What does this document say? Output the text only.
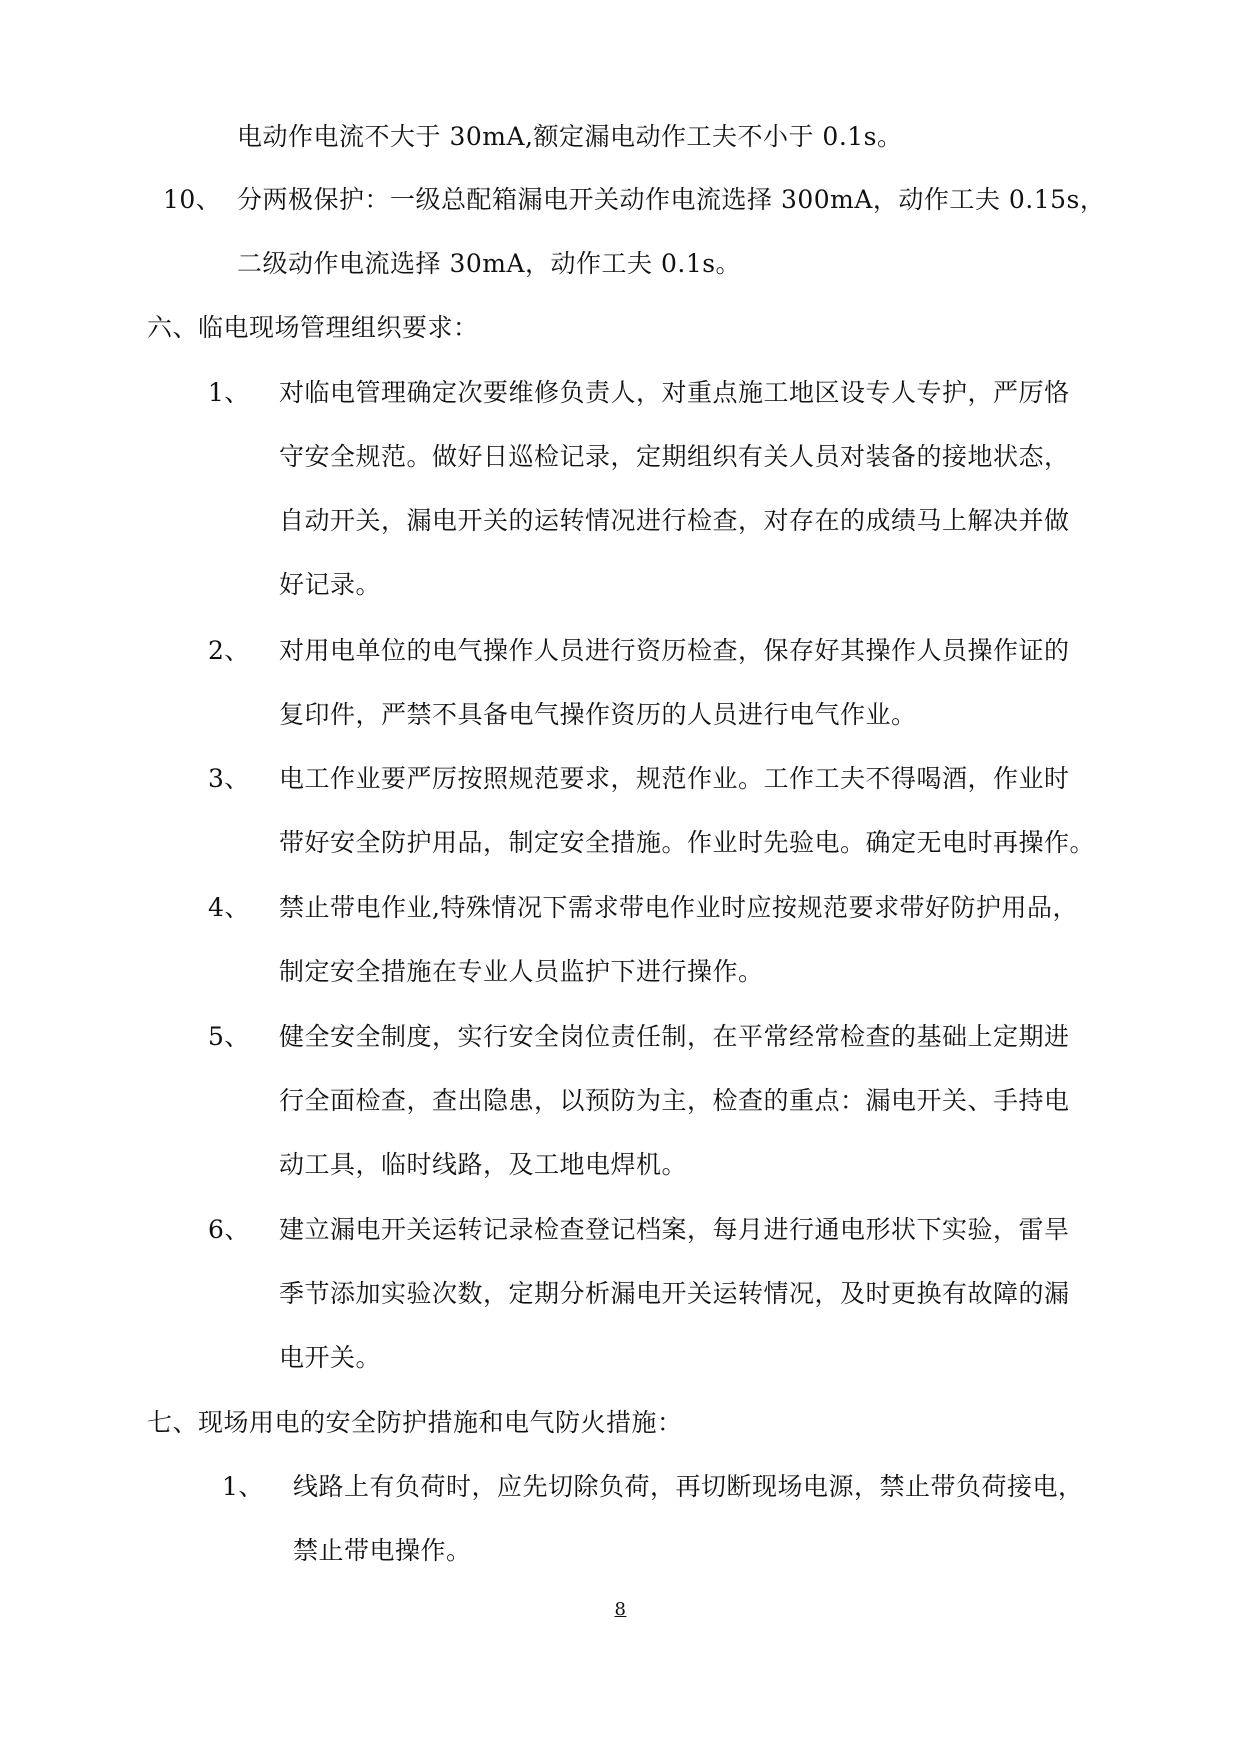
电动作电流不大于 30mA,额定漏电动作工夫不小于 0.1s。
10、 分两极保护：一级总配箱漏电开关动作电流选择 300mA，动作工夫 0.15s，
二级动作电流选择 30mA，动作工夫 0.1s。
六、临电现场管理组织要求：
1、 对临电管理确定次要维修负责人，对重点施工地区设专人专护，严厉恪
守安全规范。做好日巡检记录，定期组织有关人员对装备的接地状态，
自动开关，漏电开关的运转情况进行检查，对存在的成绩马上解决并做
好记录。
2、 对用电单位的电气操作人员进行资历检查，保存好其操作人员操作证的
复印件，严禁不具备电气操作资历的人员进行电气作业。
3、 电工作业要严厉按照规范要求，规范作业。工作工夫不得喝酒，作业时
带好安全防护用品，制定安全措施。作业时先验电。确定无电时再操作。
4、 禁止带电作业,特殊情况下需求带电作业时应按规范要求带好防护用品，
制定安全措施在专业人员监护下进行操作。
5、 健全安全制度，实行安全岗位责任制，在平常经常检查的基础上定期进
行全面检查，查出隐患，以预防为主，检查的重点：漏电开关、手持电
动工具，临时线路，及工地电焊机。
6、 建立漏电开关运转记录检查登记档案，每月进行通电形状下实验，雷旱
季节添加实验次数，定期分析漏电开关运转情况，及时更换有故障的漏
电开关。
七、现场用电的安全防护措施和电气防火措施：
1、 线路上有负荷时，应先切除负荷，再切断现场电源，禁止带负荷接电，
禁止带电操作。
8
